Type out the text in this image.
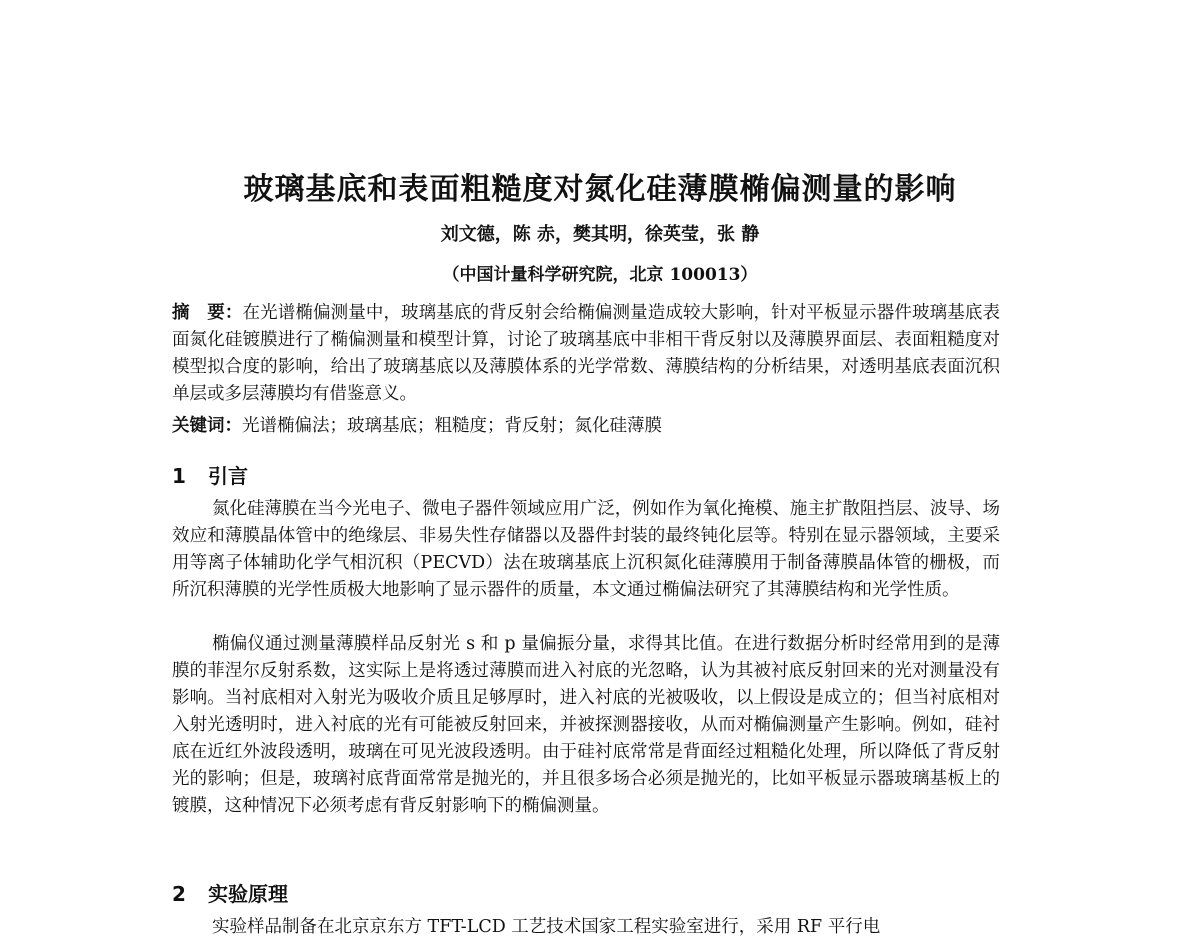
玻璃基底和表面粗糙度对氮化硅薄膜椭偏测量的影响
刘文德，陈 赤，樊其明，徐英莹，张 静
（中国计量科学研究院，北京 100013）
摘　要：在光谱椭偏测量中，玻璃基底的背反射会给椭偏测量造成较大影响，针对平板显示器件玻璃基底表面氮化硅镀膜进行了椭偏测量和模型计算，讨论了玻璃基底中非相干背反射以及薄膜界面层、表面粗糙度对模型拟合度的影响，给出了玻璃基底以及薄膜体系的光学常数、薄膜结构的分析结果，对透明基底表面沉积单层或多层薄膜均有借鉴意义。
关键词：光谱椭偏法；玻璃基底；粗糙度；背反射；氮化硅薄膜
1 引言
氮化硅薄膜在当今光电子、微电子器件领域应用广泛，例如作为氧化掩模、施主扩散阻挡层、波导、场效应和薄膜晶体管中的绝缘层、非易失性存储器以及器件封装的最终钝化层等。特别在显示器领域，主要采用等离子体辅助化学气相沉积（PECVD）法在玻璃基底上沉积氮化硅薄膜用于制备薄膜晶体管的栅极，而所沉积薄膜的光学性质极大地影响了显示器件的质量，本文通过椭偏法研究了其薄膜结构和光学性质。
椭偏仪通过测量薄膜样品反射光 s 和 p 量偏振分量，求得其比值。在进行数据分析时经常用到的是薄膜的菲涅尔反射系数，这实际上是将透过薄膜而进入衬底的光忽略，认为其被衬底反射回来的光对测量没有影响。当衬底相对入射光为吸收介质且足够厚时，进入衬底的光被吸收，以上假设是成立的；但当衬底相对入射光透明时，进入衬底的光有可能被反射回来，并被探测器接收，从而对椭偏测量产生影响。例如，硅衬底在近红外波段透明，玻璃在可见光波段透明。由于硅衬底常常是背面经过粗糙化处理，所以降低了背反射光的影响；但是，玻璃衬底背面常常是抛光的，并且很多场合必须是抛光的，比如平板显示器玻璃基板上的镀膜，这种情况下必须考虑有背反射影响下的椭偏测量。
2 实验原理
实验样品制备在北京京东方 TFT-LCD 工艺技术国家工程实验室进行，采用 RF 平行电
